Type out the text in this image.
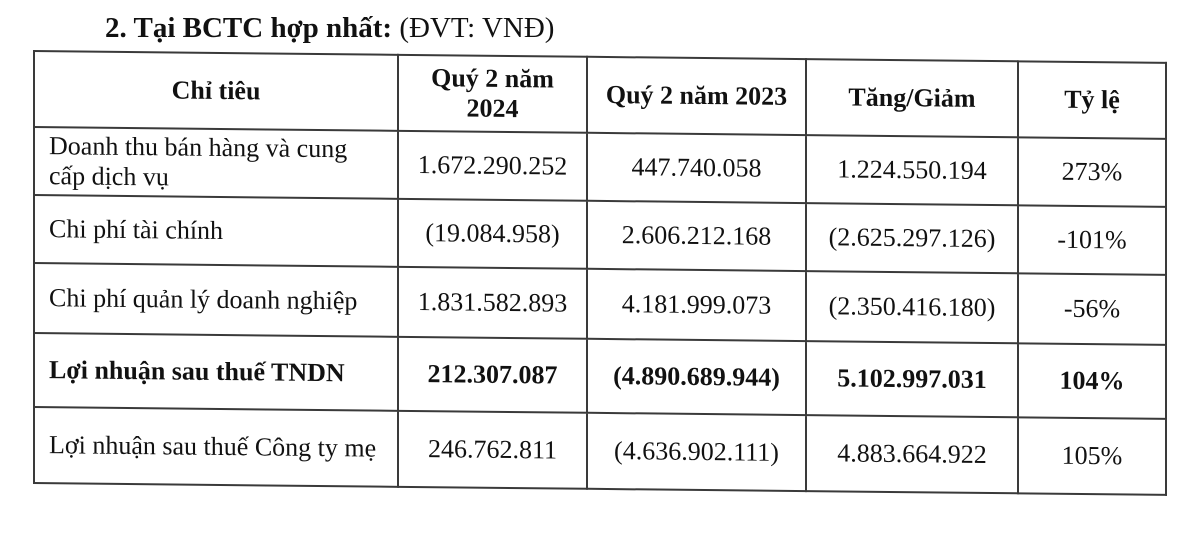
2. Tại BCTC hợp nhất: (ĐVT: VNĐ)
Chỉ tiêu	Quý 2 năm 2024	Quý 2 năm 2023	Tăng/Giảm	Tỷ lệ
Doanh thu bán hàng và cung cấp dịch vụ	1.672.290.252	447.740.058	1.224.550.194	273%
Chi phí tài chính	(19.084.958)	2.606.212.168	(2.625.297.126)	-101%
Chi phí quản lý doanh nghiệp	1.831.582.893	4.181.999.073	(2.350.416.180)	-56%
Lợi nhuận sau thuế TNDN	212.307.087	(4.890.689.944)	5.102.997.031	104%
Lợi nhuận sau thuế Công ty mẹ	246.762.811	(4.636.902.111)	4.883.664.922	105%
